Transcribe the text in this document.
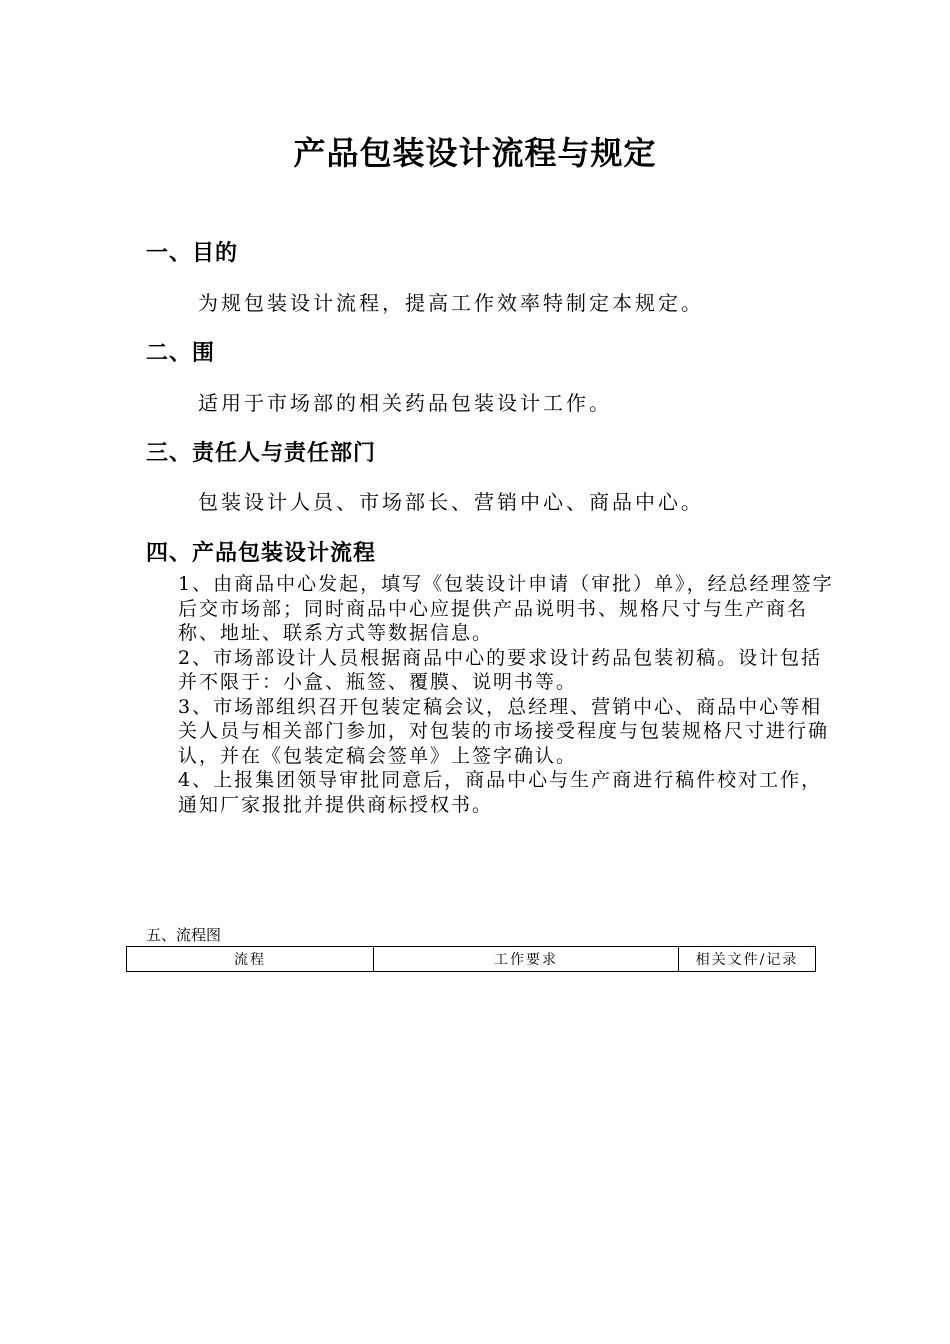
产品包装设计流程与规定
一、目的
为规包装设计流程，提高工作效率特制定本规定。
二、围
适用于市场部的相关药品包装设计工作。
三、责任人与责任部门
包装设计人员、市场部长、营销中心、商品中心。
四、产品包装设计流程

1、由商品中心发起，填写《包装设计申请（审批）单》，经总经理签字后交市场部；同时商品中心应提供产品说明书、规格尺寸与生产商名称、地址、联系方式等数据信息。

2、市场部设计人员根据商品中心的要求设计药品包装初稿。设计包括并不限于：小盒、瓶签、覆膜、说明书等。

3、市场部组织召开包装定稿会议，总经理、营销中心、商品中心等相关人员与相关部门参加，对包装的市场接受程度与包装规格尺寸进行确认，并在《包装定稿会签单》上签字确认。

4、上报集团领导审批同意后，商品中心与生产商进行稿件校对工作，通知厂家报批并提供商标授权书。

五、流程图
流程	工作要求	相关文件/记录
